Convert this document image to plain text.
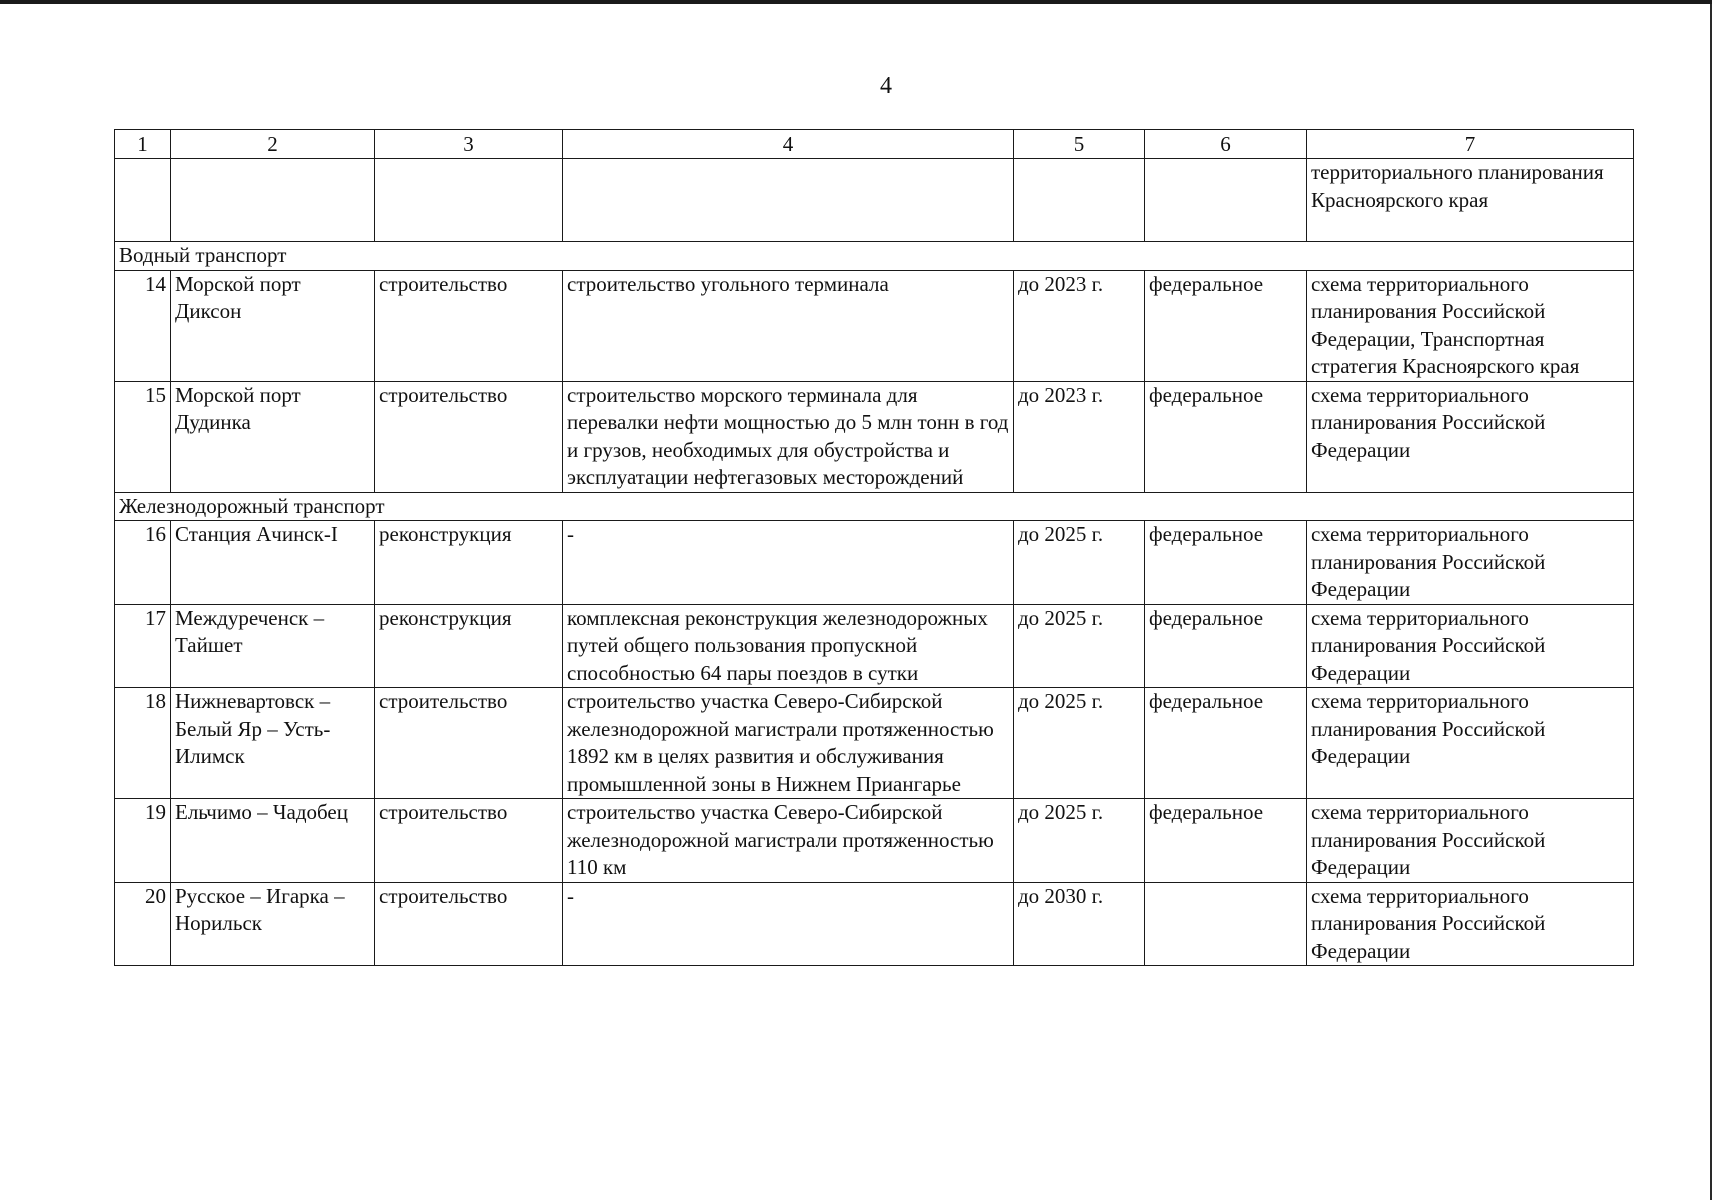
4
1	2	3	4	5	6	7
						территориального планирования Красноярского края
Водный транспорт						
14	Морской порт Диксон	строительство	строительство угольного терминала	до 2023 г.	федеральное	схема территориального планирования Российской Федерации, Транспортная стратегия Красноярского края
15	Морской порт Дудинка	строительство	строительство морского терминала для перевалки нефти мощностью до 5 млн тонн в год и грузов, необходимых для обустройства и эксплуатации нефтегазовых месторождений	до 2023 г.	федеральное	схема территориального планирования Российской Федерации
Железнодорожный транспорт						
16	Станция Ачинск-I	реконструкция	-	до 2025 г.	федеральное	схема территориального планирования Российской Федерации
17	Междуреченск – Тайшет	реконструкция	комплексная реконструкция железнодорожных путей общего пользования пропускной способностью 64 пары поездов в сутки	до 2025 г.	федеральное	схема территориального планирования Российской Федерации
18	Нижневартовск – Белый Яр – Усть-Илимск	строительство	строительство участка Северо-Сибирской железнодорожной магистрали протяженностью 1892 км в целях развития и обслуживания промышленной зоны в Нижнем Приангарье	до 2025 г.	федеральное	схема территориального планирования Российской Федерации
19	Ельчимо – Чадобец	строительство	строительство участка Северо-Сибирской железнодорожной магистрали протяженностью 110 км	до 2025 г.	федеральное	схема территориального планирования Российской Федерации
20	Русское – Игарка – Норильск	строительство	-	до 2030 г.		схема территориального планирования Российской Федерации
